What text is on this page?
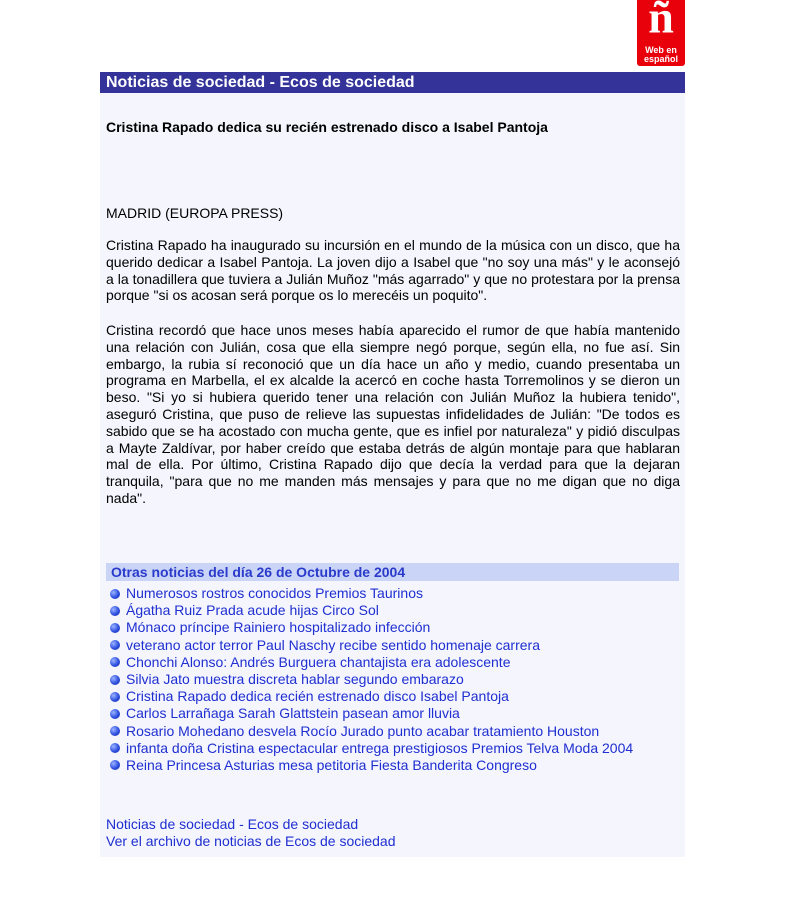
ñ
Web en
español
Noticias de sociedad - Ecos de sociedad
Cristina Rapado dedica su recién estrenado disco a Isabel Pantoja
MADRID (EUROPA PRESS)
Cristina Rapado ha inaugurado su incursión en el mundo de la música con un disco, que ha querido dedicar a Isabel Pantoja. La joven dijo a Isabel que "no soy una más" y le aconsejó a la tonadillera que tuviera a Julián Muñoz "más agarrado" y que no protestara por la prensa porque "si os acosan será porque os lo merecéis un poquito".
Cristina recordó que hace unos meses había aparecido el rumor de que había mantenido una relación con Julián, cosa que ella siempre negó porque, según ella, no fue así. Sin embargo, la rubia sí reconoció que un día hace un año y medio, cuando presentaba un programa en Marbella, el ex alcalde la acercó en coche hasta Torremolinos y se dieron un beso. "Si yo si hubiera querido tener una relación con Julián Muñoz la hubiera tenido", aseguró Cristina, que puso de relieve las supuestas infidelidades de Julián: "De todos es sabido que se ha acostado con mucha gente, que es infiel por naturaleza" y pidió disculpas a Mayte Zaldívar, por haber creído que estaba detrás de algún montaje para que hablaran mal de ella. Por último, Cristina Rapado dijo que decía la verdad para que la dejaran tranquila, "para que no me manden más mensajes y para que no me digan que no diga nada".
Otras noticias del día 26 de Octubre de 2004
Numerosos rostros conocidos Premios Taurinos
Ágatha Ruiz Prada acude hijas Circo Sol
Mónaco príncipe Rainiero hospitalizado infección
veterano actor terror Paul Naschy recibe sentido homenaje carrera
Chonchi Alonso: Andrés Burguera chantajista era adolescente
Silvia Jato muestra discreta hablar segundo embarazo
Cristina Rapado dedica recién estrenado disco Isabel Pantoja
Carlos Larrañaga Sarah Glattstein pasean amor lluvia
Rosario Mohedano desvela Rocío Jurado punto acabar tratamiento Houston
infanta doña Cristina espectacular entrega prestigiosos Premios Telva Moda 2004
Reina Princesa Asturias mesa petitoria Fiesta Banderita Congreso
Noticias de sociedad - Ecos de sociedad
Ver el archivo de noticias de Ecos de sociedad
